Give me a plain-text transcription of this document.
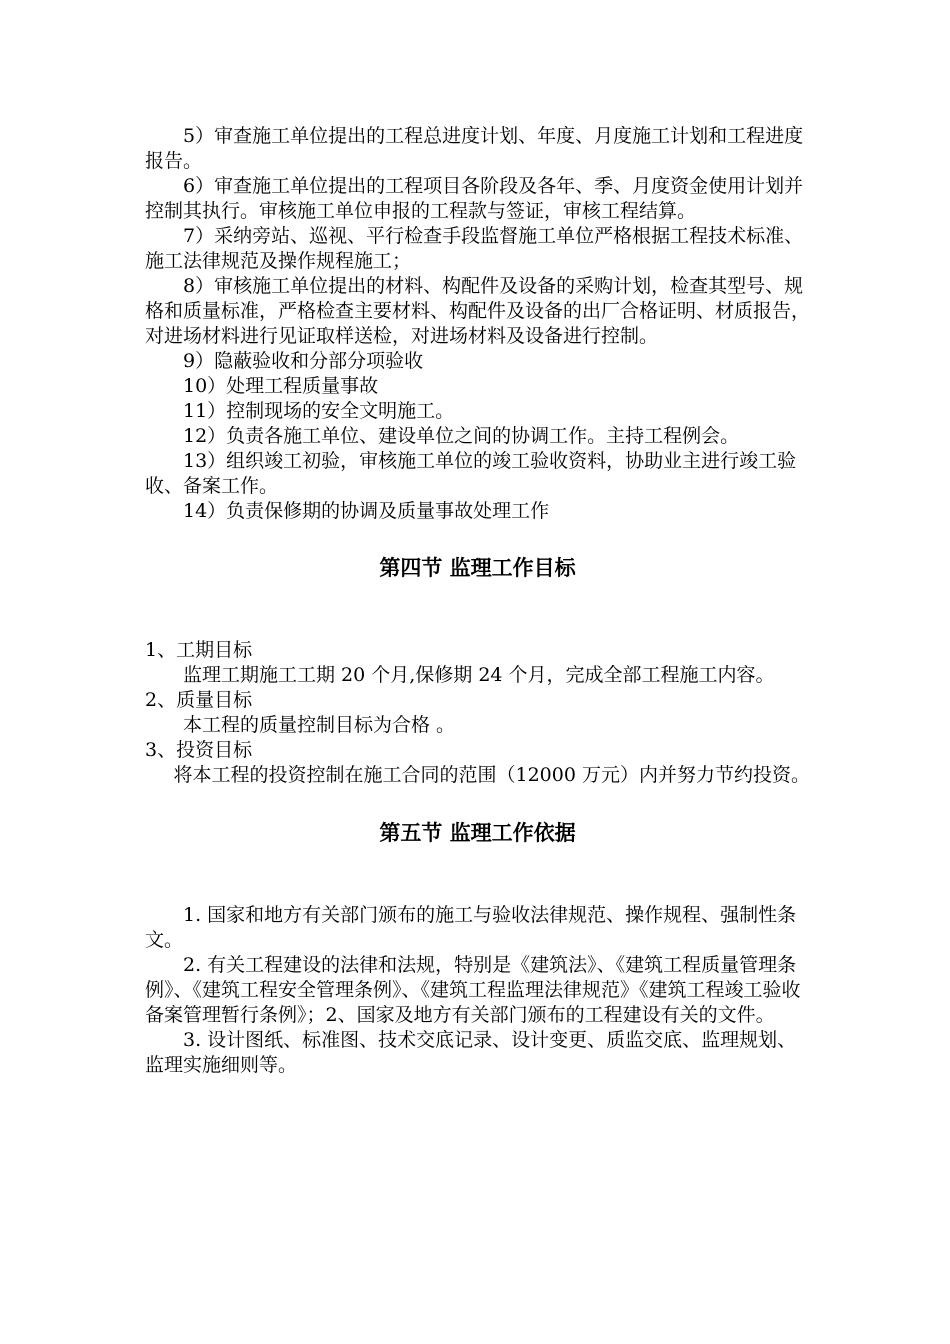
5）审查施工单位提出的工程总进度计划、年度、月度施工计划和工程进度报告。

6）审查施工单位提出的工程项目各阶段及各年、季、月度资金使用计划并控制其执行。审核施工单位申报的工程款与签证，审核工程结算。

7）采纳旁站、巡视、平行检查手段监督施工单位严格根据工程技术标准、施工法律规范及操作规程施工；

8）审核施工单位提出的材料、构配件及设备的采购计划，检查其型号、规格和质量标准，严格检查主要材料、构配件及设备的出厂合格证明、材质报告，对进场材料进行见证取样送检，对进场材料及设备进行控制。

9）隐蔽验收和分部分项验收

10）处理工程质量事故

11）控制现场的安全文明施工。

12）负责各施工单位、建设单位之间的协调工作。主持工程例会。

13）组织竣工初验，审核施工单位的竣工验收资料，协助业主进行竣工验收、备案工作。

14）负责保修期的协调及质量事故处理工作

第四节 监理工作目标

1、工期目标

监理工期施工工期 20 个月,保修期 24 个月，完成全部工程施工内容。

2、质量目标

本工程的质量控制目标为合格 。

3、投资目标

将本工程的投资控制在施工合同的范围（12000 万元）内并努力节约投资。

第五节 监理工作依据

1. 国家和地方有关部门颁布的施工与验收法律规范、操作规程、强制性条文。

2. 有关工程建设的法律和法规，特别是《建筑法》、《建筑工程质量管理条例》、《建筑工程安全管理条例》、《建筑工程监理法律规范》《建筑工程竣工验收备案管理暂行条例》；2、国家及地方有关部门颁布的工程建设有关的文件。

3. 设计图纸、标准图、技术交底记录、设计变更、质监交底、监理规划、监理实施细则等。
